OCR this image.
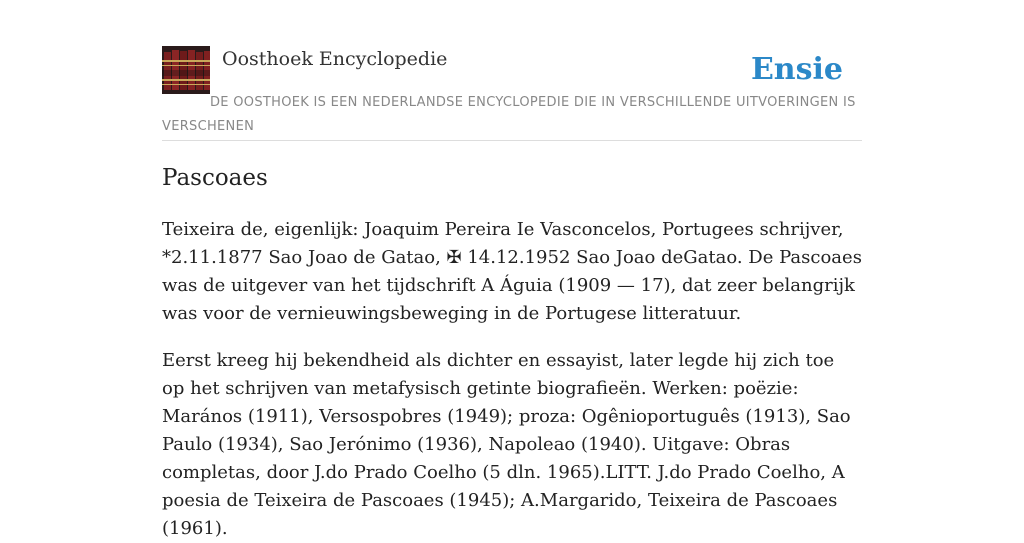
Oosthoek Encyclopedie	Ensie
DE OOSTHOEK IS EEN NEDERLANDSE ENCYCLOPEDIE DIE IN VERSCHILLENDE UITVOERINGEN IS VERSCHENEN
Pascoaes

Teixeira de, eigenlijk: Joaquim Pereira Ie Vasconcelos, Portugees schrijver, *2.11.1877 Sao Joao de Gatao, ✠ 14.12.1952 Sao Joao deGatao. De Pascoaes was de uitgever van het tijdschrift A Águia (1909 — 17), dat zeer belangrijk was voor de vernieuwingsbeweging in de Portugese litteratuur.

Eerst kreeg hij bekendheid als dichter en essayist, later legde hij zich toe op het schrijven van metafysisch getinte biografieën. Werken: poëzie: Marános (1911), Versospobres (1949); proza: Ogênioportuguês (1913), Sao Paulo (1934), Sao Jerónimo (1936), Napoleao (1940). Uitgave: Obras completas, door J.do Prado Coelho (5 dln. 1965).LITT. J.do Prado Coelho, A poesia de Teixeira de Pascoaes (1945); A.Margarido, Teixeira de Pascoaes (1961).
